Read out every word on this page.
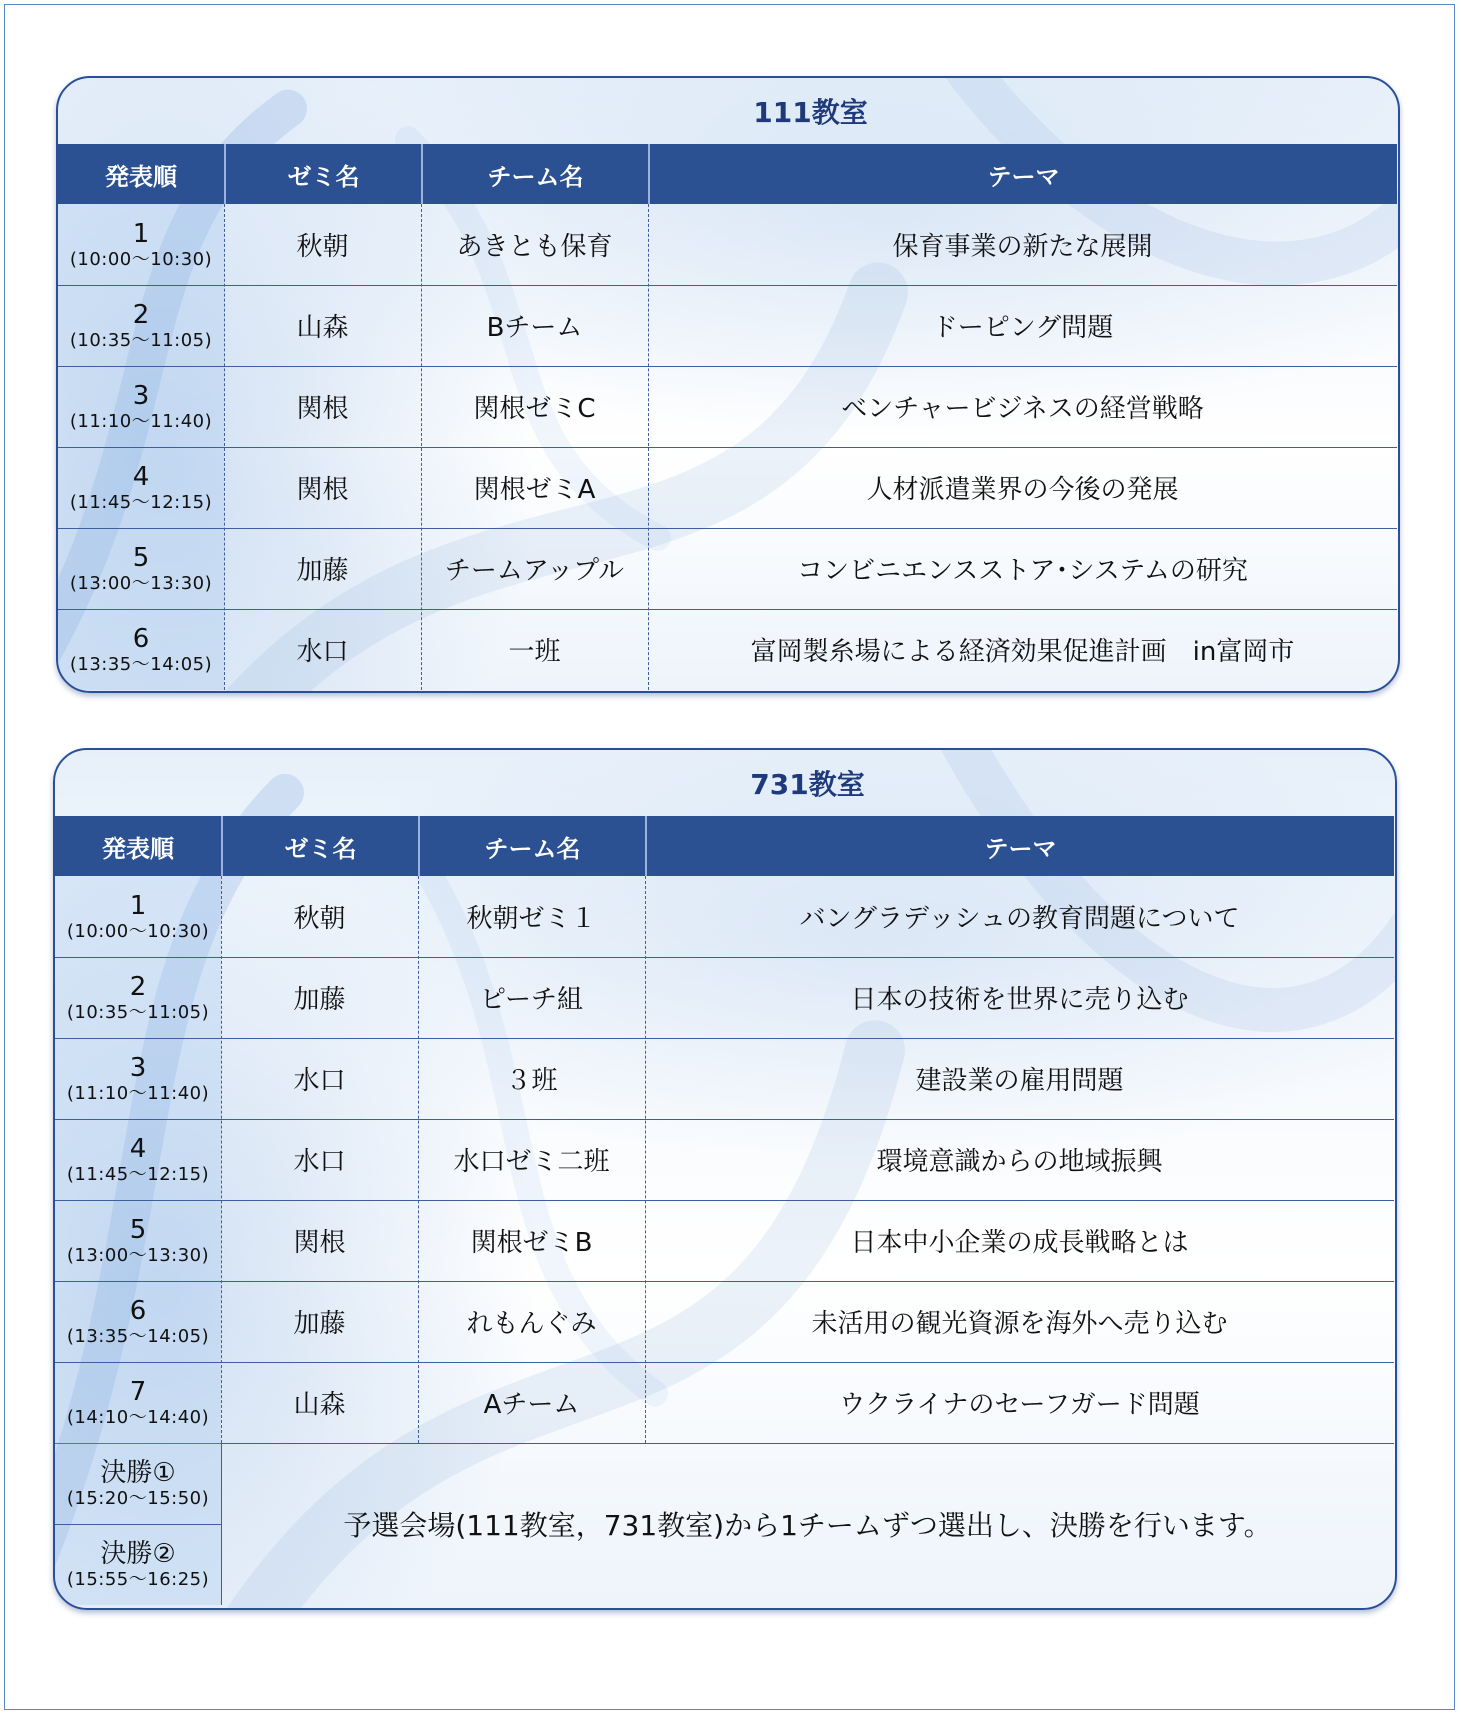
111教室
発表順	ゼミ名	チーム名	テーマ
1
(10:00～10:30)	秋朝	あきとも保育	保育事業の新たな展開
2
(10:35～11:05)	山森	Bチーム	ドーピング問題
3
(11:10～11:40)	関根	関根ゼミC	ベンチャービジネスの経営戦略
4
(11:45～12:15)	関根	関根ゼミA	人材派遣業界の今後の発展
5
(13:00～13:30)	加藤	チームアップル	コンビニエンスストア･システムの研究
6
(13:35～14:05)	水口	一班	富岡製糸場による経済効果促進計画　in富岡市
731教室
発表順	ゼミ名	チーム名	テーマ
1
(10:00～10:30)	秋朝	秋朝ゼミ１	バングラデッシュの教育問題について
2
(10:35～11:05)	加藤	ピーチ組	日本の技術を世界に売り込む
3
(11:10～11:40)	水口	３班	建設業の雇用問題
4
(11:45～12:15)	水口	水口ゼミ二班	環境意識からの地域振興
5
(13:00～13:30)	関根	関根ゼミB	日本中小企業の成長戦略とは
6
(13:35～14:05)	加藤	れもんぐみ	未活用の観光資源を海外へ売り込む
7
(14:10～14:40)	山森	Aチーム	ウクライナのセーフガード問題
決勝①
(15:20～15:50)
決勝②
(15:55～16:25)
予選会場(111教室，731教室)から1チームずつ選出し、決勝を行います。
